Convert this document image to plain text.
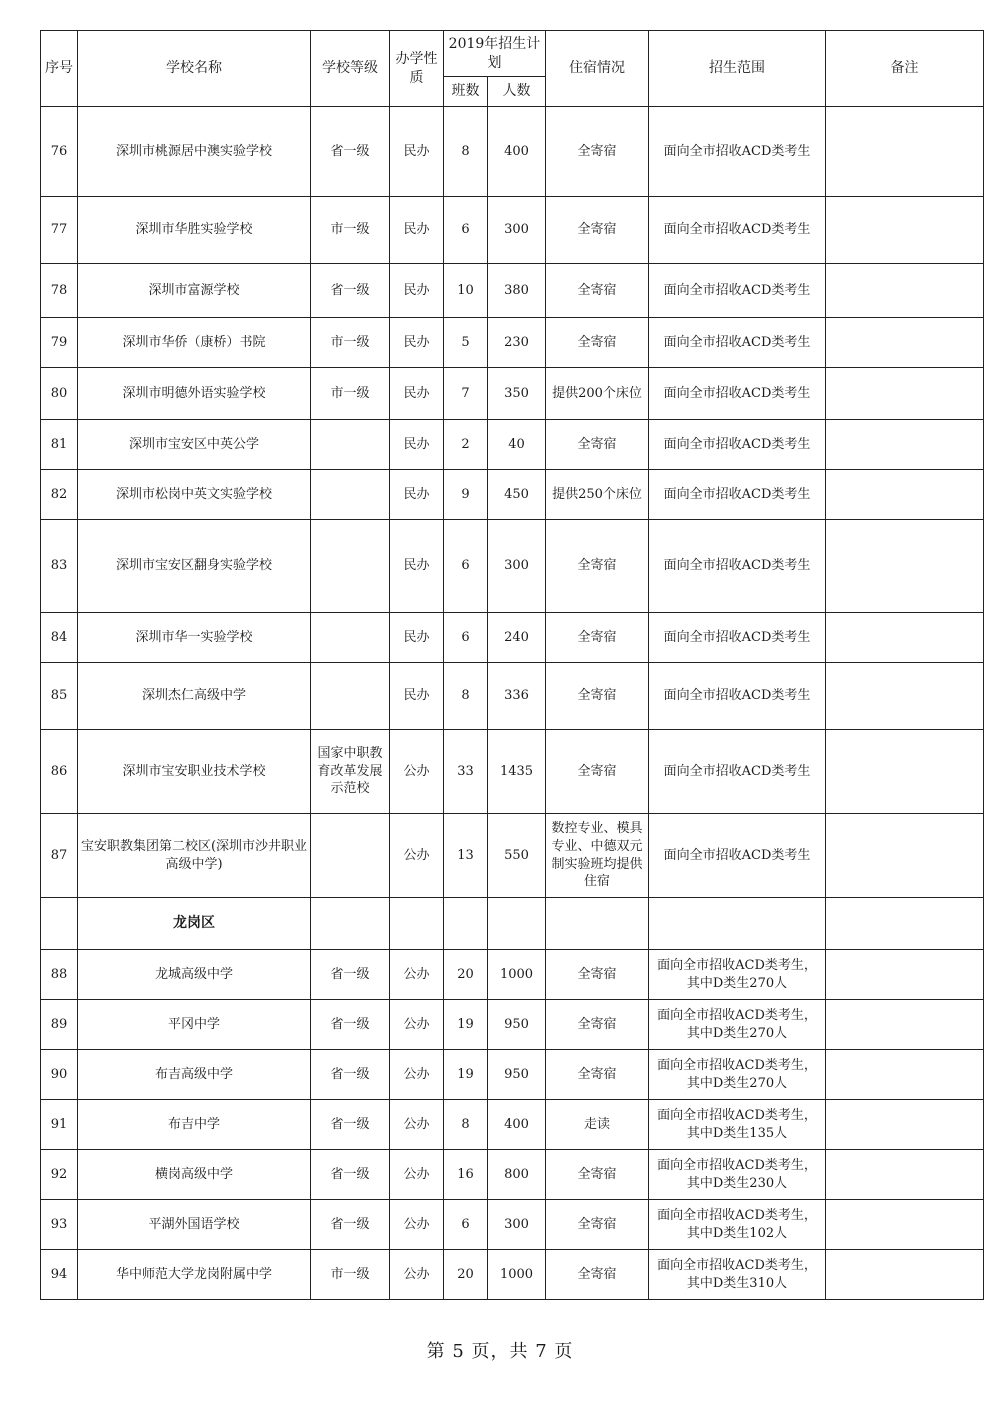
序号	学校名称	学校等级	办学性质	2019年招生计划		住宿情况	招生范围	备注
				班数	人数			
76	深圳市桃源居中澳实验学校	省一级	民办	8	400	全寄宿	面向全市招收ACD类考生	
77	深圳市华胜实验学校	市一级	民办	6	300	全寄宿	面向全市招收ACD类考生	
78	深圳市富源学校	省一级	民办	10	380	全寄宿	面向全市招收ACD类考生	
79	深圳市华侨（康桥）书院	市一级	民办	5	230	全寄宿	面向全市招收ACD类考生	
80	深圳市明德外语实验学校	市一级	民办	7	350	提供200个床位	面向全市招收ACD类考生	
81	深圳市宝安区中英公学		民办	2	40	全寄宿	面向全市招收ACD类考生	
82	深圳市松岗中英文实验学校		民办	9	450	提供250个床位	面向全市招收ACD类考生	
83	深圳市宝安区翻身实验学校		民办	6	300	全寄宿	面向全市招收ACD类考生	
84	深圳市华一实验学校		民办	6	240	全寄宿	面向全市招收ACD类考生	
85	深圳杰仁高级中学		民办	8	336	全寄宿	面向全市招收ACD类考生	
86	深圳市宝安职业技术学校	国家中职教育改革发展示范校	公办	33	1435	全寄宿	面向全市招收ACD类考生	
87	宝安职教集团第二校区(深圳市沙井职业高级中学)		公办	13	550	数控专业、模具专业、中德双元制实验班均提供住宿	面向全市招收ACD类考生	
	龙岗区							
88	龙城高级中学	省一级	公办	20	1000	全寄宿	面向全市招收ACD类考生，其中D类生270人	
89	平冈中学	省一级	公办	19	950	全寄宿	面向全市招收ACD类考生，其中D类生270人	
90	布吉高级中学	省一级	公办	19	950	全寄宿	面向全市招收ACD类考生，其中D类生270人	
91	布吉中学	省一级	公办	8	400	走读	面向全市招收ACD类考生，其中D类生135人	
92	横岗高级中学	省一级	公办	16	800	全寄宿	面向全市招收ACD类考生，其中D类生230人	
93	平湖外国语学校	省一级	公办	6	300	全寄宿	面向全市招收ACD类考生，其中D类生102人	
94	华中师范大学龙岗附属中学	市一级	公办	20	1000	全寄宿	面向全市招收ACD类考生，其中D类生310人	
第 5 页，共 7 页
